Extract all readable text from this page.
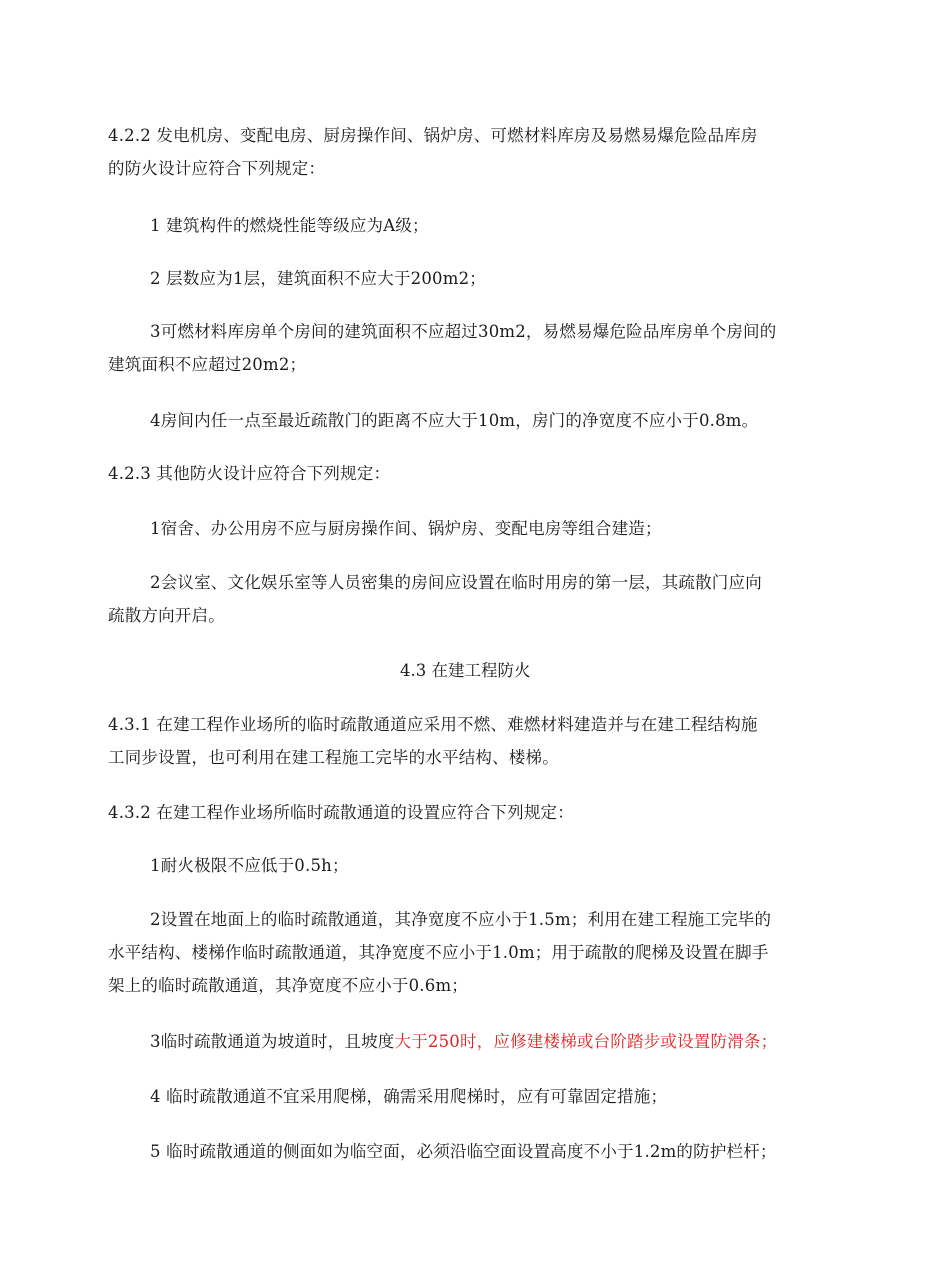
4.2.2 发电机房、变配电房、厨房操作间、锅炉房、可燃材料库房及易燃易爆危险品库房
的防火设计应符合下列规定：
1 建筑构件的燃烧性能等级应为A级；
2 层数应为1层，建筑面积不应大于200m2；
3可燃材料库房单个房间的建筑面积不应超过30m2，易燃易爆危险品库房单个房间的
建筑面积不应超过20m2；
4房间内任一点至最近疏散门的距离不应大于10m，房门的净宽度不应小于0.8m。
4.2.3 其他防火设计应符合下列规定：
1宿舍、办公用房不应与厨房操作间、锅炉房、变配电房等组合建造；
2会议室、文化娱乐室等人员密集的房间应设置在临时用房的第一层，其疏散门应向
疏散方向开启。
4.3 在建工程防火
4.3.1 在建工程作业场所的临时疏散通道应采用不燃、难燃材料建造并与在建工程结构施
工同步设置，也可利用在建工程施工完毕的水平结构、楼梯。
4.3.2 在建工程作业场所临时疏散通道的设置应符合下列规定：
1耐火极限不应低于0.5h；
2设置在地面上的临时疏散通道，其净宽度不应小于1.5m；利用在建工程施工完毕的
水平结构、楼梯作临时疏散通道，其净宽度不应小于1.0m；用于疏散的爬梯及设置在脚手
架上的临时疏散通道，其净宽度不应小于0.6m；
3临时疏散通道为坡道时，且坡度大于250时，应修建楼梯或台阶踏步或设置防滑条；
4 临时疏散通道不宜采用爬梯，确需采用爬梯时，应有可靠固定措施；
5 临时疏散通道的侧面如为临空面，必须沿临空面设置高度不小于1.2m的防护栏杆；
